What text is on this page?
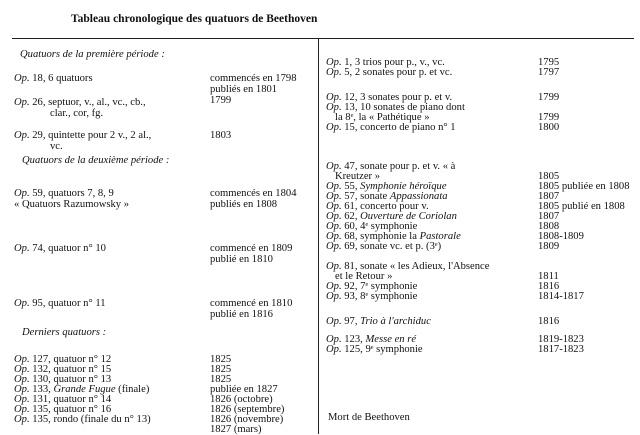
Tableau chronologique des quatuors de Beethoven
Quatuors de la première période :
Op. 18, 6 quatuors
Op. 26, septuor, v., al., vc., cb.,
clar., cor, fg.
Op. 29, quintette pour 2 v., 2 al.,
vc.
Quatuors de la deuxième période :
Op. 59, quatuors 7, 8, 9
« Quatuors Razumowsky »
Op. 74, quatuor n° 10
Op. 95, quatuor n° 11
Derniers quatuors :
Op. 127, quatuor n° 12
Op. 132, quatuor n° 15
Op. 130, quatuor n° 13
Op. 133, Grande Fugue (finale)
Op. 131, quatuor n° 14
Op. 135, quatuor n° 16
Op. 135, rondo (finale du n° 13)
commencés en 1798
publiés en 1801
1799
1803
commencés en 1804
publiés en 1808
commencé en 1809
publié en 1810
commencé en 1810
publié en 1816
1825
1825
1825
publiée en 1827
1826 (octobre)
1826 (septembre)
1826 (novembre)
1827 (mars)
Op. 1, 3 trios pour p., v., vc.
Op. 5, 2 sonates pour p. et vc.
Op. 12, 3 sonates pour p. et v.
Op. 13, 10 sonates de piano dont
la 8ᵉ, la « Pathétique »
Op. 15, concerto de piano n° 1
Op. 47, sonate pour p. et v. « à
Kreutzer »
Op. 55, Symphonie héroïque
Op. 57, sonate Appassionata
Op. 61, concerto pour v.
Op. 62, Ouverture de Coriolan
Op. 60, 4ᵉ symphonie
Op. 68, symphonie la Pastorale
Op. 69, sonate vc. et p. (3ᵉ)
Op. 81, sonate « les Adieux, l'Absence
et le Retour »
Op. 92, 7ᵉ symphonie
Op. 93, 8ᵉ symphonie
Op. 97, Trio à l'archiduc
Op. 123, Messe en ré
Op. 125, 9ᵉ symphonie
Mort de Beethoven
1795
1797
1799
1799
1800
1805
1805 publiée en 1808
1807
1805 publié en 1808
1807
1808
1808-1809
1809
1811
1816
1814-1817
1816
1819-1823
1817-1823
